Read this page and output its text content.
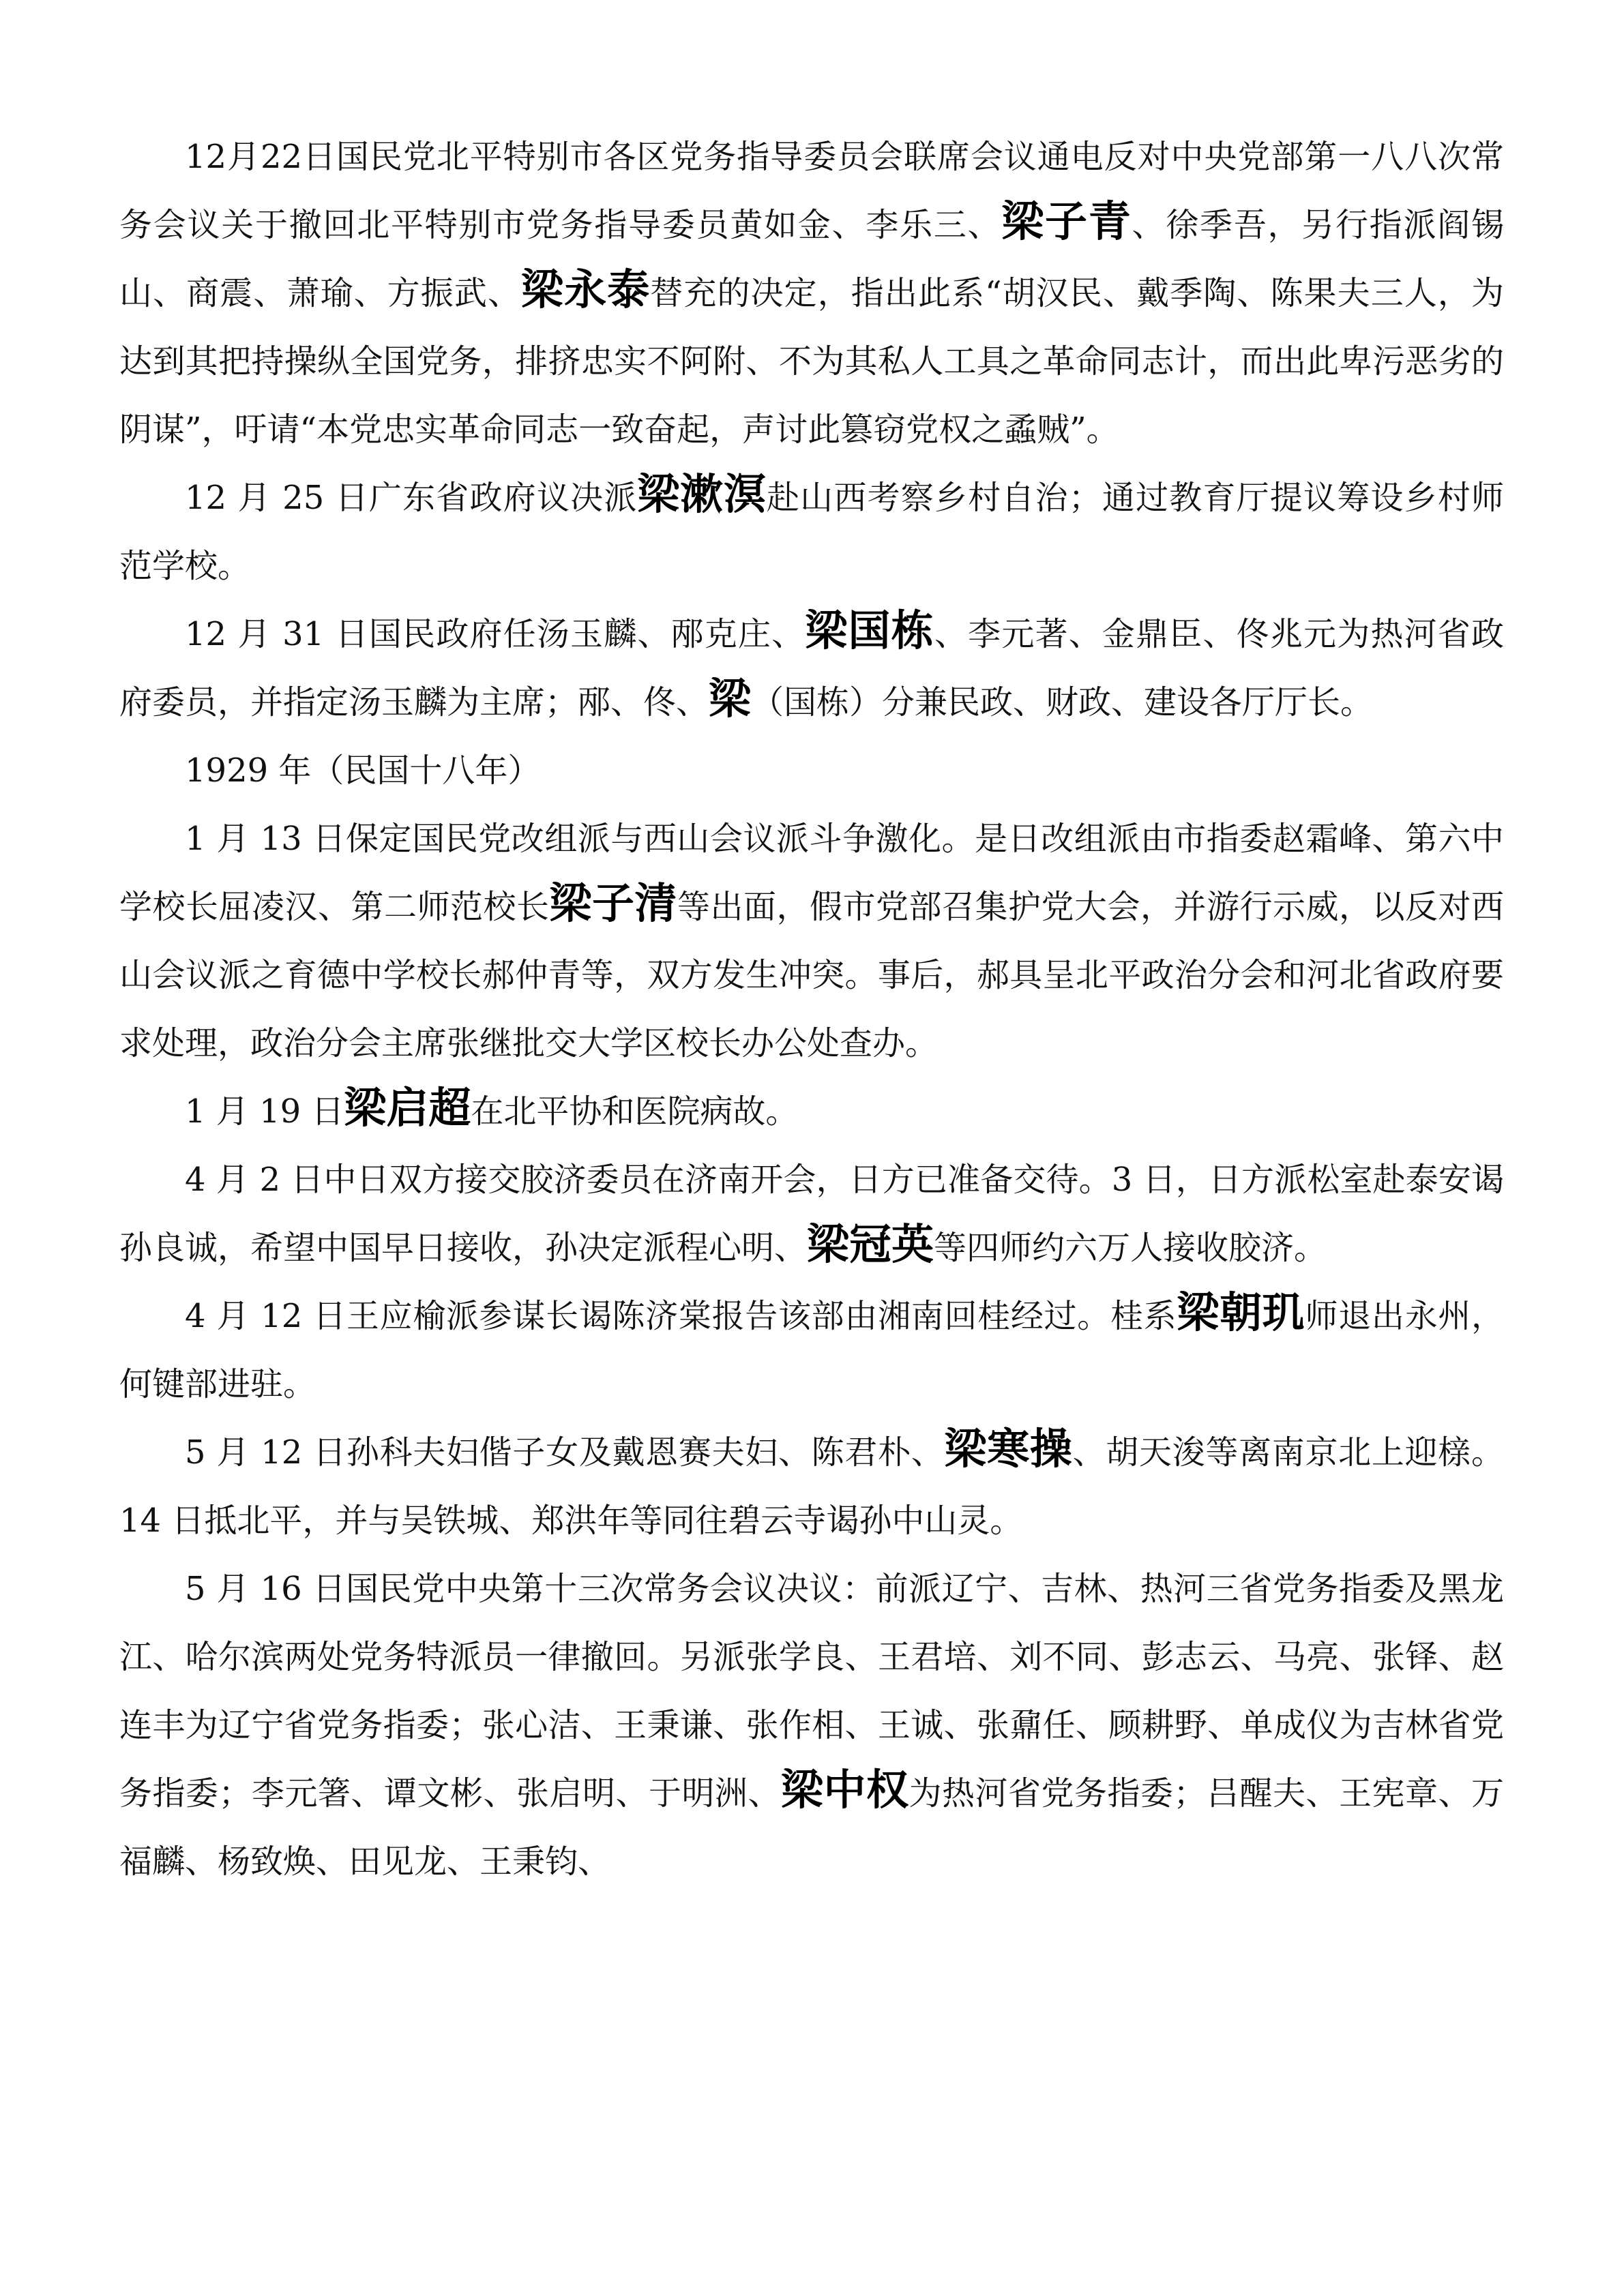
12月22日国民党北平特别市各区党务指导委员会联席会议通电反对中央党部第一八八次常务会议关于撤回北平特别市党务指导委员黄如金、李乐三、梁子青、徐季吾，另行指派阎锡山、商震、萧瑜、方振武、梁永泰替充的决定，指出此系“胡汉民、戴季陶、陈果夫三人，为达到其把持操纵全国党务，排挤忠实不阿附、不为其私人工具之革命同志计，而出此卑污恶劣的阴谋”，吁请“本党忠实革命同志一致奋起，声讨此篡窃党权之蟊贼”。

12 月 25 日广东省政府议决派梁漱溟赴山西考察乡村自治；通过教育厅提议筹设乡村师范学校。

12 月 31 日国民政府任汤玉麟、邴克庄、梁国栋、李元著、金鼎臣、佟兆元为热河省政府委员，并指定汤玉麟为主席；邴、佟、梁（国栋）分兼民政、财政、建设各厅厅长。

1929 年（民国十八年）

1 月 13 日保定国民党改组派与西山会议派斗争激化。是日改组派由市指委赵霜峰、第六中学校长屈凌汉、第二师范校长梁子清等出面，假市党部召集护党大会，并游行示威，以反对西山会议派之育德中学校长郝仲青等，双方发生冲突。事后，郝具呈北平政治分会和河北省政府要求处理，政治分会主席张继批交大学区校长办公处查办。

1 月 19 日梁启超在北平协和医院病故。

4 月 2 日中日双方接交胶济委员在济南开会，日方已准备交待。3 日，日方派松室赴泰安谒孙良诚，希望中国早日接收，孙决定派程心明、梁冠英等四师约六万人接收胶济。

4 月 12 日王应榆派参谋长谒陈济棠报告该部由湘南回桂经过。桂系梁朝玑师退出永州，何键部进驻。

5 月 12 日孙科夫妇偕子女及戴恩赛夫妇、陈君朴、梁寒操、胡天浚等离南京北上迎榇。14 日抵北平，并与吴铁城、郑洪年等同往碧云寺谒孙中山灵。

5 月 16 日国民党中央第十三次常务会议决议：前派辽宁、吉林、热河三省党务指委及黑龙江、哈尔滨两处党务特派员一律撤回。另派张学良、王君培、刘不同、彭志云、马亮、张铎、赵连丰为辽宁省党务指委；张心洁、王秉谦、张作相、王诚、张鼐任、顾耕野、单成仪为吉林省党务指委；李元箸、谭文彬、张启明、于明洲、梁中权为热河省党务指委；吕醒夫、王宪章、万福麟、杨致焕、田见龙、王秉钧、
